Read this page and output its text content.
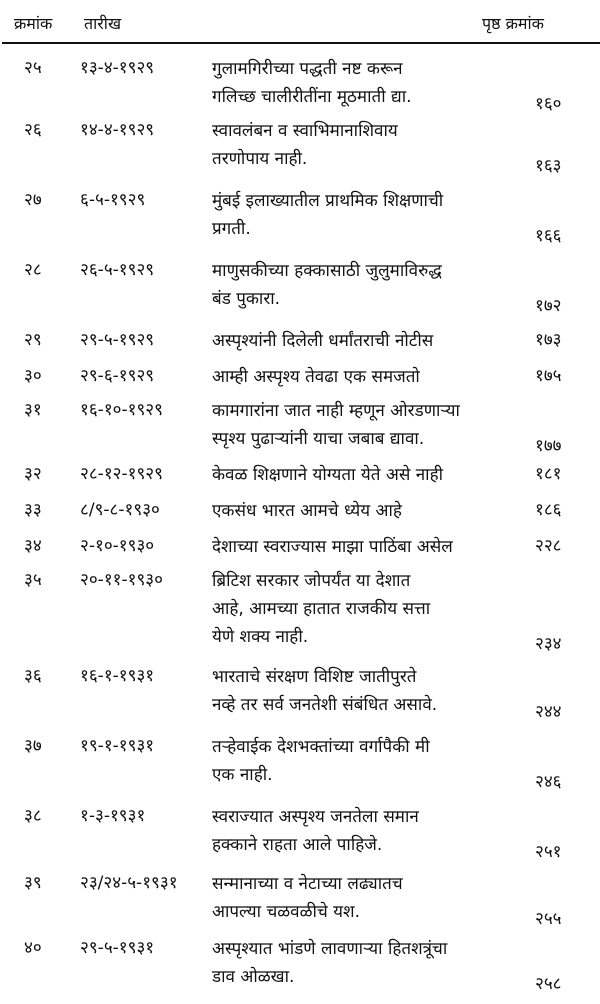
क्रमांक तारीख	पृष्ठ क्रमांक
२५ १३-४-१९२९	गुलामगिरीच्या पद्धती नष्ट करून
गलिच्छ चालीरीतींना मूठमाती द्या.	१६०
२६ १४-४-१९२९	स्वावलंबन व स्वाभिमानाशिवाय
तरणोपाय नाही.	१६३
२७ ६-५-१९२९	मुंबई इलाख्यातील प्राथमिक शिक्षणाची
प्रगती.	१६६
२८ २६-५-१९२९	माणुसकीच्या हक्कासाठी जुलुमाविरुद्ध
बंड पुकारा.	१७२
२९ २९-५-१९२९	अस्पृश्यांनी दिलेली धर्मांतराची नोटीस	१७३
३० २९-६-१९२९	आम्ही अस्पृश्य तेवढा एक समजतो	१७५
३१ १६-१०-१९२९	कामगारांना जात नाही म्हणून ओरडणाऱ्या
स्पृश्य पुढाऱ्यांनी याचा जबाब द्यावा.	१७७
३२ २८-१२-१९२९	केवळ शिक्षणाने योग्यता येते असे नाही	१८१
३३ ८/९-८-१९३०	एकसंध भारत आमचे ध्येय आहे	१८६
३४ २-१०-१९३०	देशाच्या स्वराज्यास माझा पाठिंबा असेल	२२८
३५ २०-११-१९३०	ब्रिटिश सरकार जोपर्यंत या देशात
आहे, आमच्या हातात राजकीय सत्ता
येणे शक्य नाही.	२३४
३६ १६-१-१९३१	भारताचे संरक्षण विशिष्ट जातीपुरते
नव्हे तर सर्व जनतेशी संबंधित असावे.	२४४
३७ १९-१-१९३१	तऱ्हेवाईक देशभक्तांच्या वर्गापैकी मी
एक नाही.	२४६
३८ १-३-१९३१	स्वराज्यात अस्पृश्य जनतेला समान
हक्काने राहता आले पाहिजे.	२५१
३९ २३/२४-५-१९३१ सन्मानाच्या व नेटाच्या लढ्यातच
आपल्या चळवळीचे यश.	२५५
४० २९-५-१९३१	अस्पृश्यात भांडणे लावणाऱ्या हितशत्रूंचा
डाव ओळखा.	२५८
